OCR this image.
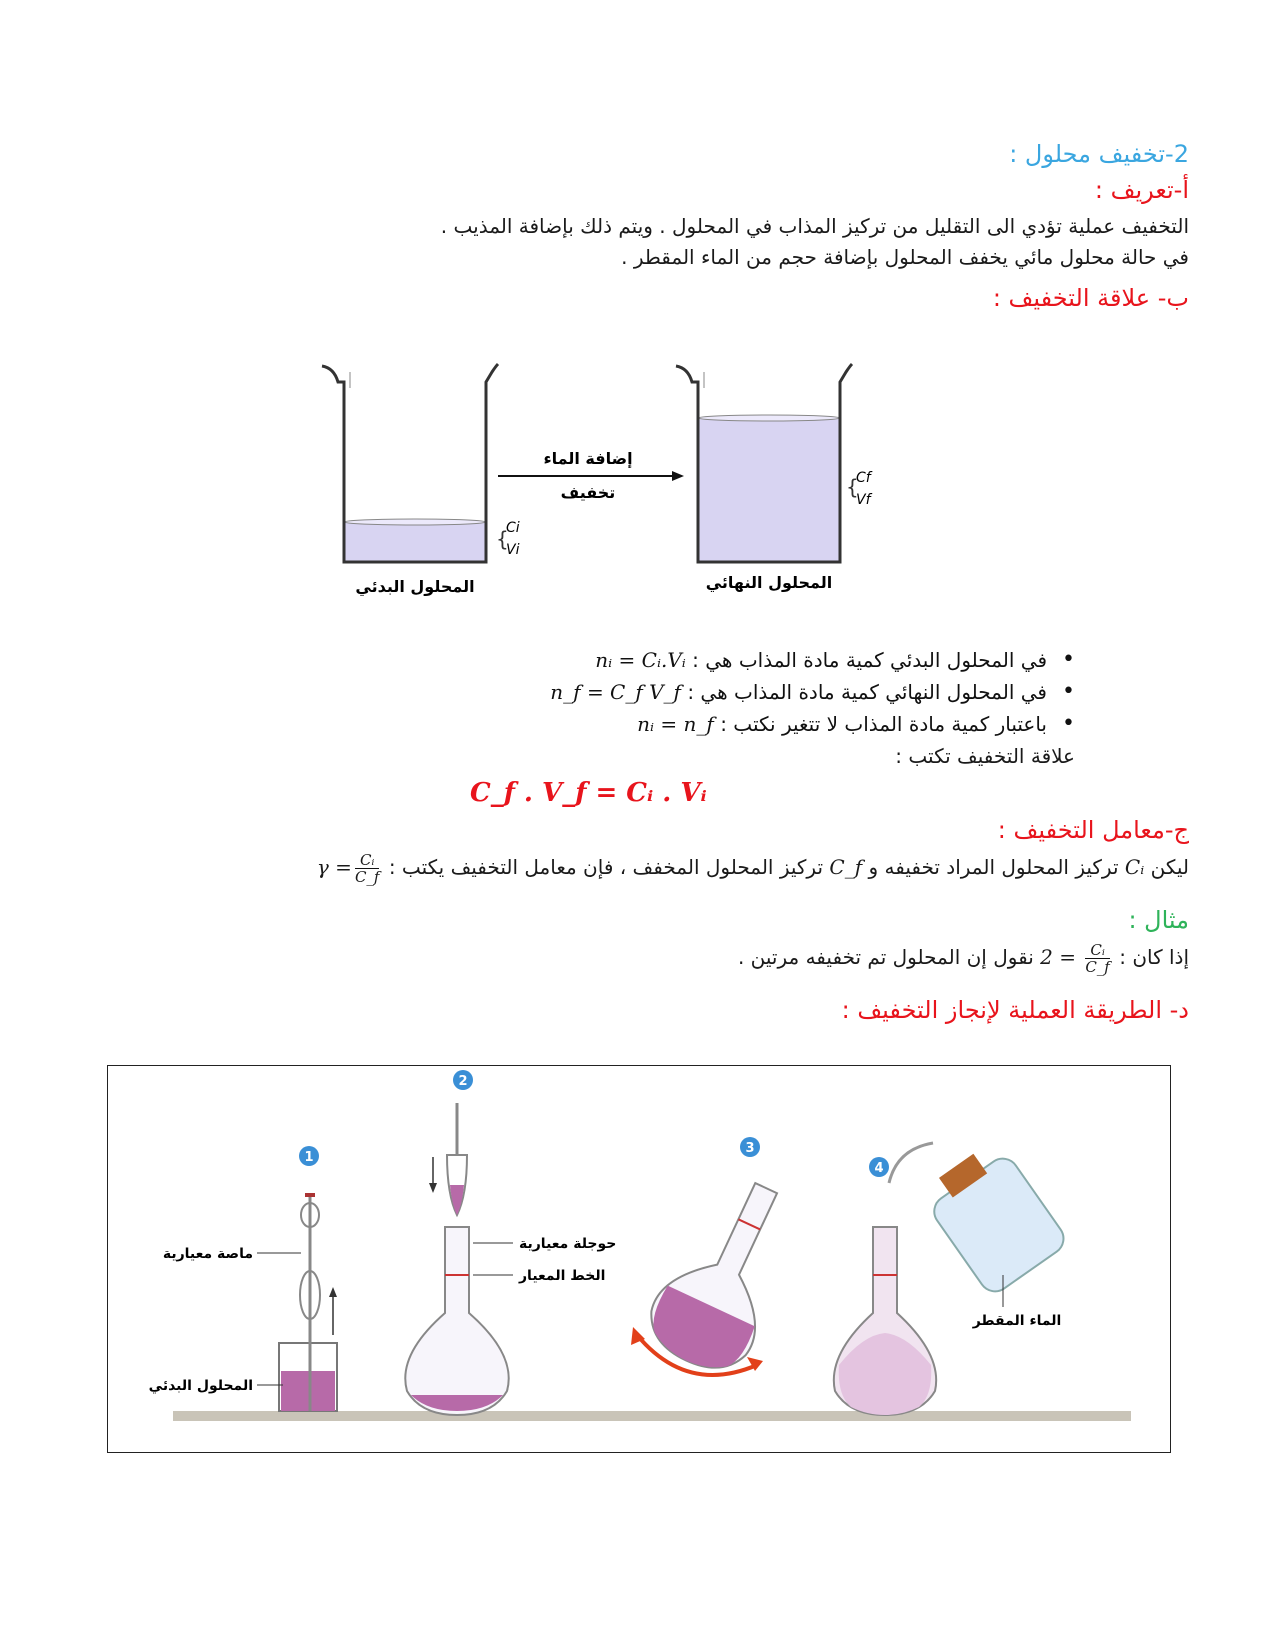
2-تخفيف محلول :
أ-تعريف :
التخفيف عملية تؤدي الى التقليل من تركيز المذاب في المحلول . ويتم ذلك بإضافة المذيب .
في حالة محلول مائي يخفف المحلول بإضافة حجم من الماء المقطر .
ب- علاقة التخفيف :
إضافة الماء
تخفيف
{
Ci
Vi
{
Cf
Vf
المحلول البدئي	المحلول النهائي
• في المحلول البدئي كمية مادة المذاب هي : nᵢ = Cᵢ.Vᵢ
• في المحلول النهائي كمية مادة المذاب هي : n_f = C_f V_f
• باعتبار كمية مادة المذاب لا تتغير نكتب : nᵢ = n_f
علاقة التخفيف تكتب :
C_f . V_f = Cᵢ . Vᵢ
ج-معامل التخفيف :
ليكن Cᵢ تركيز المحلول المراد تخفيفه و C_f تركيز المحلول المخفف ، فإن معامل التخفيف يكتب : $\gamma = \frac{\text{Cᵢ}}{C\_f}$
مثال :
إذا كان : $2 = \frac{\text{Cᵢ}}{C\_f}$
نقول إن المحلول تم تخفيفه مرتين .
د- الطريقة العملية لإنجاز التخفيف :
1
ماصة معيارية
المحلول البدئي
2
حوجلة معيارية
الخط المعيار
3
4
الماء المقطر
